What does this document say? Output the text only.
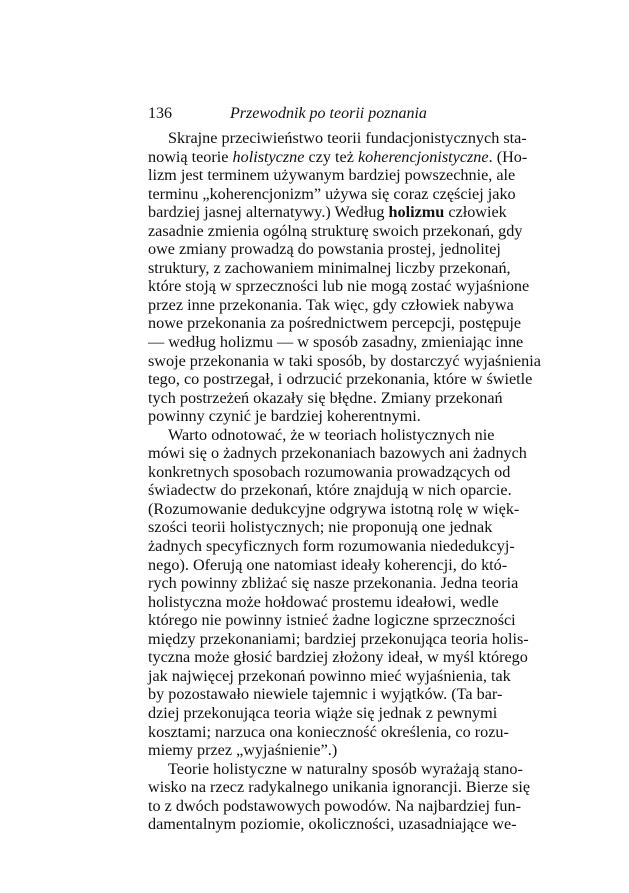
136	Przewodnik po teorii poznania
Skrajne przeciwieństwo teorii fundacjonistycznych sta-
nowią teorie holistyczne czy też koherencjonistyczne. (Ho-
lizm jest terminem używanym bardziej powszechnie, ale
terminu „koherencjonizm” używa się coraz częściej jako
bardziej jasnej alternatywy.) Według holizmu człowiek
zasadnie zmienia ogólną strukturę swoich przekonań, gdy
owe zmiany prowadzą do powstania prostej, jednolitej
struktury, z zachowaniem minimalnej liczby przekonań,
które stoją w sprzeczności lub nie mogą zostać wyjaśnione
przez inne przekonania. Tak więc, gdy człowiek nabywa
nowe przekonania za pośrednictwem percepcji, postępuje
— według holizmu — w sposób zasadny, zmieniając inne
swoje przekonania w taki sposób, by dostarczyć wyjaśnienia
tego, co postrzegał, i odrzucić przekonania, które w świetle
tych postrzeżeń okazały się błędne. Zmiany przekonań
powinny czynić je bardziej koherentnymi.
Warto odnotować, że w teoriach holistycznych nie
mówi się o żadnych przekonaniach bazowych ani żadnych
konkretnych sposobach rozumowania prowadzących od
świadectw do przekonań, które znajdują w nich oparcie.
(Rozumowanie dedukcyjne odgrywa istotną rolę w więk-
szości teorii holistycznych; nie proponują one jednak
żadnych specyficznych form rozumowania niededukcyj-
nego). Oferują one natomiast ideały koherencji, do któ-
rych powinny zbliżać się nasze przekonania. Jedna teoria
holistyczna może hołdować prostemu ideałowi, wedle
którego nie powinny istnieć żadne logiczne sprzeczności
między przekonaniami; bardziej przekonująca teoria holis-
tyczna może głosić bardziej złożony ideał, w myśl którego
jak najwięcej przekonań powinno mieć wyjaśnienia, tak
by pozostawało niewiele tajemnic i wyjątków. (Ta bar-
dziej przekonująca teoria wiąże się jednak z pewnymi
kosztami; narzuca ona konieczność określenia, co rozu-
miemy przez „wyjaśnienie”.)
Teorie holistyczne w naturalny sposób wyrażają stano-
wisko na rzecz radykalnego unikania ignorancji. Bierze się
to z dwóch podstawowych powodów. Na najbardziej fun-
damentalnym poziomie, okoliczności, uzasadniające we-
